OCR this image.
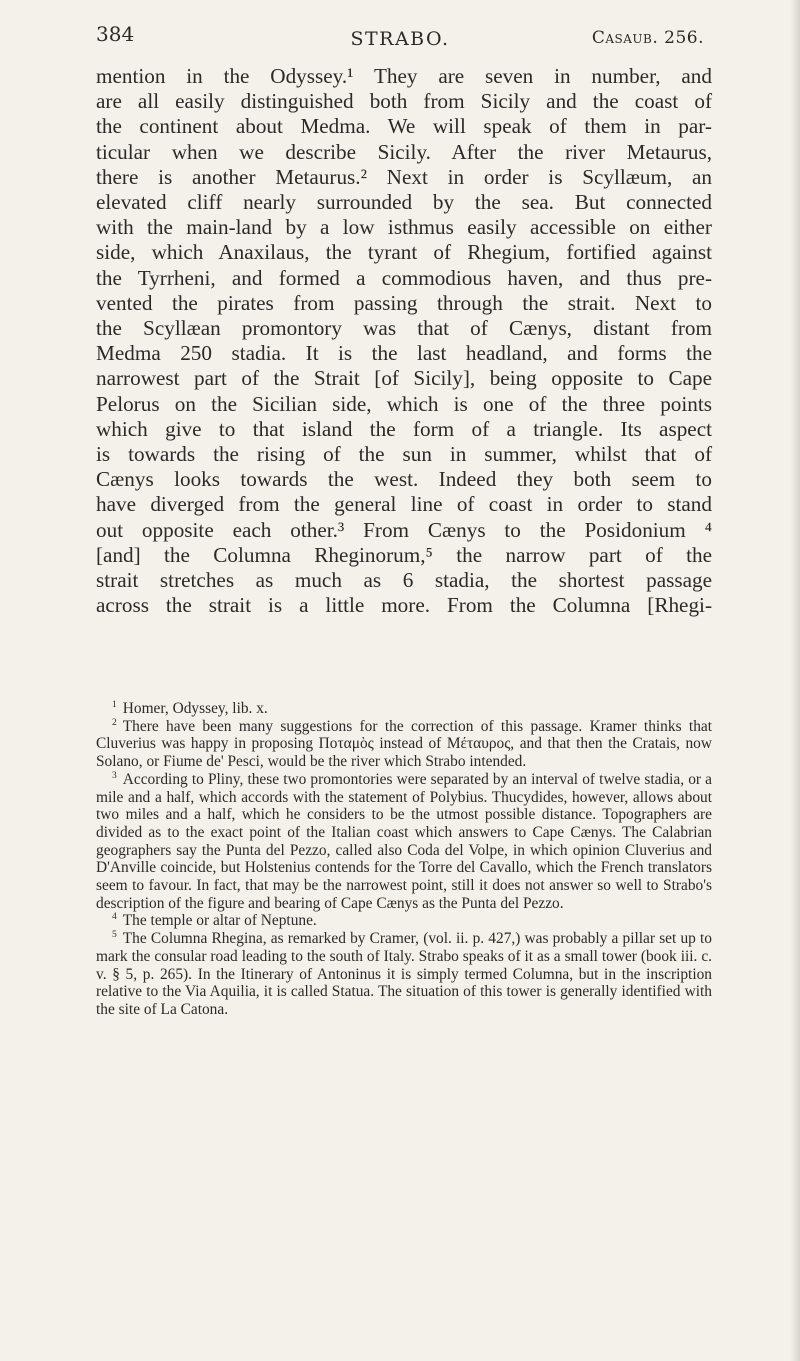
384	STRABO.	Casaub. 256.
mention in the Odyssey.¹ They are seven in number, and
are all easily distinguished both from Sicily and the coast of
the continent about Medma. We will speak of them in par-
ticular when we describe Sicily. After the river Metaurus,
there is another Metaurus.² Next in order is Scyllæum, an
elevated cliff nearly surrounded by the sea. But connected
with the main-land by a low isthmus easily accessible on either
side, which Anaxilaus, the tyrant of Rhegium, fortified against
the Tyrrheni, and formed a commodious haven, and thus pre-
vented the pirates from passing through the strait. Next to
the Scyllæan promontory was that of Cænys, distant from
Medma 250 stadia. It is the last headland, and forms the
narrowest part of the Strait [of Sicily], being opposite to Cape
Pelorus on the Sicilian side, which is one of the three points
which give to that island the form of a triangle. Its aspect
is towards the rising of the sun in summer, whilst that of
Cænys looks towards the west. Indeed they both seem to
have diverged from the general line of coast in order to stand
out opposite each other.³ From Cænys to the Posidonium ⁴
[and] the Columna Rheginorum,⁵ the narrow part of the
strait stretches as much as 6 stadia, the shortest passage
across the strait is a little more. From the Columna [Rhegi-

$^1$ Homer, Odyssey, lib. x.

$^2$ There have been many suggestions for the correction of this passage. Kramer thinks that Cluverius was happy in proposing Ποταμὸς instead of Μέταυρος, and that then the Cratais, now Solano, or Fiume de' Pesci, would be the river which Strabo intended.

$^3$ According to Pliny, these two promontories were separated by an interval of twelve stadia, or a mile and a half, which accords with the statement of Polybius. Thucydides, however, allows about two miles and a half, which he considers to be the utmost possible distance. Topographers are divided as to the exact point of the Italian coast which answers to Cape Cænys. The Calabrian geographers say the Punta del Pezzo, called also Coda del Volpe, in which opinion Cluverius and D'Anville coincide, but Holstenius contends for the Torre del Cavallo, which the French translators seem to favour. In fact, that may be the narrowest point, still it does not answer so well to Strabo's description of the figure and bearing of Cape Cænys as the Punta del Pezzo.

$^4$ The temple or altar of Neptune.

$^5$ The Columna Rhegina, as remarked by Cramer, (vol. ii. p. 427,) was probably a pillar set up to mark the consular road leading to the south of Italy. Strabo speaks of it as a small tower (book iii. c. v. § 5, p. 265). In the Itinerary of Antoninus it is simply termed Columna, but in the inscription relative to the Via Aquilia, it is called Statua. The situation of this tower is generally identified with the site of La Catona.
